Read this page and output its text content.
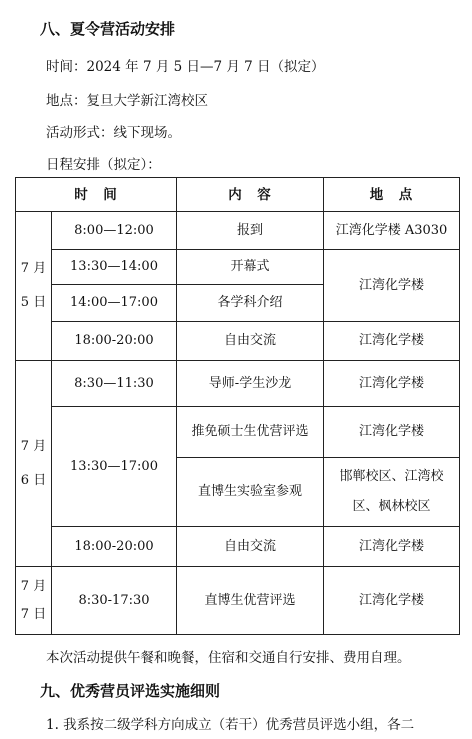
八、夏令营活动安排
时间：2024 年 7 月 5 日—7 月 7 日（拟定）
地点：复旦大学新江湾校区
活动形式：线下现场。
日程安排（拟定）：
时　间		内　容	地　点

7 月
5 日	8:00—12:00	报到	江湾化学楼 A3030
	13:30—14:00	开幕式	江湾化学楼
	14:00—17:00	各学科介绍	
	18:00-20:00	自由交流	江湾化学楼

7 月
6 日	8:30—11:30	导师-学生沙龙	江湾化学楼
	13:30—17:00	推免硕士生优营评选	江湾化学楼
		直博生实验室参观	邯郸校区、江湾校
区、枫林校区

	18:00-20:00	自由交流	江湾化学楼

7 月
7 日	8:30-17:30	直博生优营评选	江湾化学楼
本次活动提供午餐和晚餐，住宿和交通自行安排、费用自理。
九、优秀营员评选实施细则
1. 我系按二级学科方向成立（若干）优秀营员评选小组，各二
